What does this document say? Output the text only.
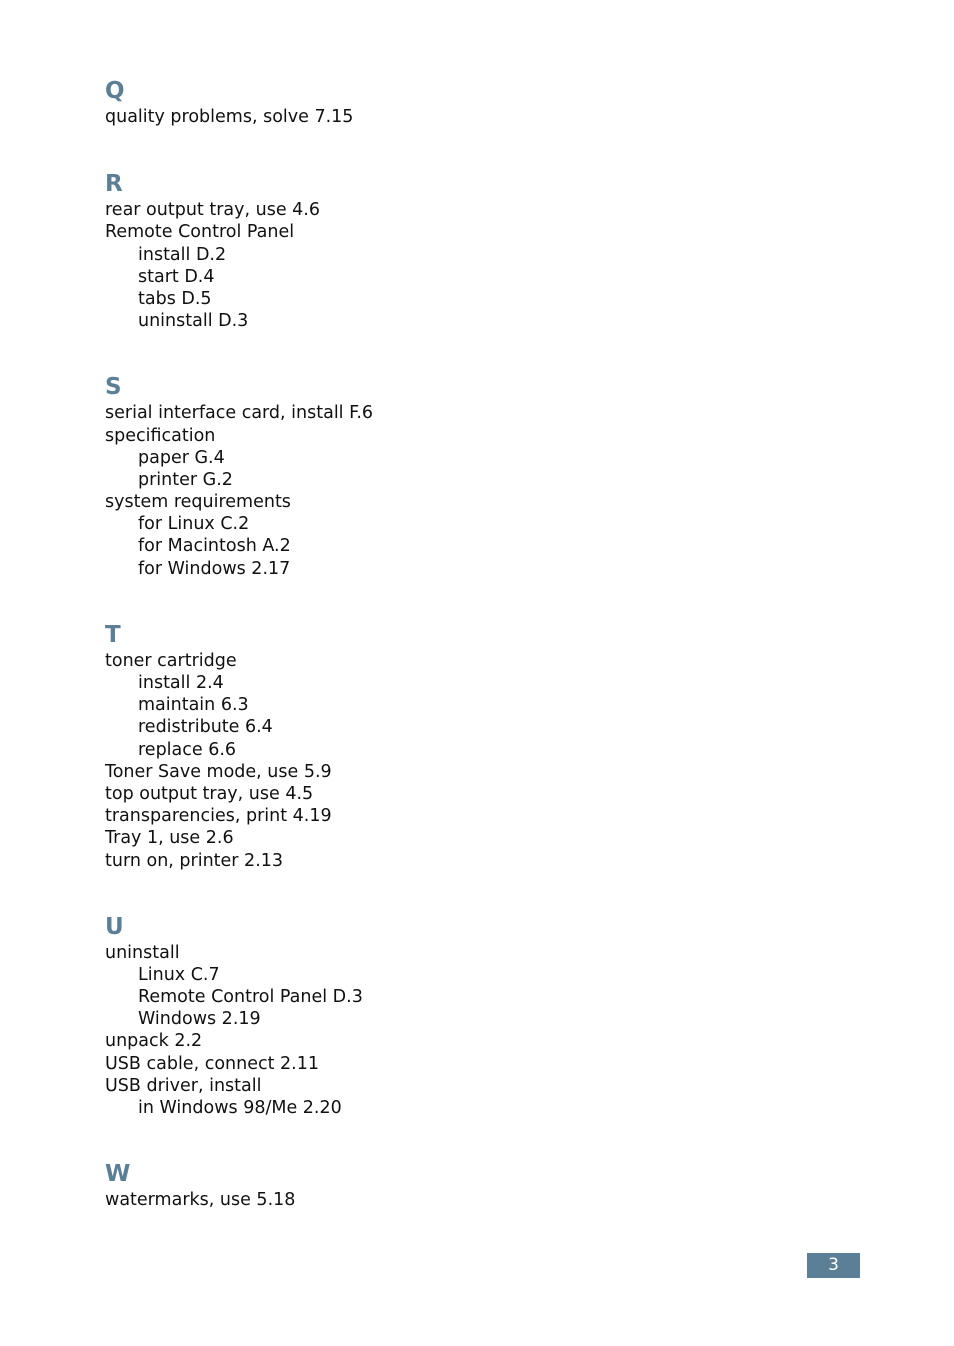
Q
quality problems, solve 7.15
R
rear output tray, use 4.6
Remote Control Panel
install D.2
start D.4
tabs D.5
uninstall D.3
S
serial interface card, install F.6
specification
paper G.4
printer G.2
system requirements
for Linux C.2
for Macintosh A.2
for Windows 2.17
T
toner cartridge
install 2.4
maintain 6.3
redistribute 6.4
replace 6.6
Toner Save mode, use 5.9
top output tray, use 4.5
transparencies, print 4.19
Tray 1, use 2.6
turn on, printer 2.13
U
uninstall
Linux C.7
Remote Control Panel D.3
Windows 2.19
unpack 2.2
USB cable, connect 2.11
USB driver, install
in Windows 98/Me 2.20
W
watermarks, use 5.18
3
